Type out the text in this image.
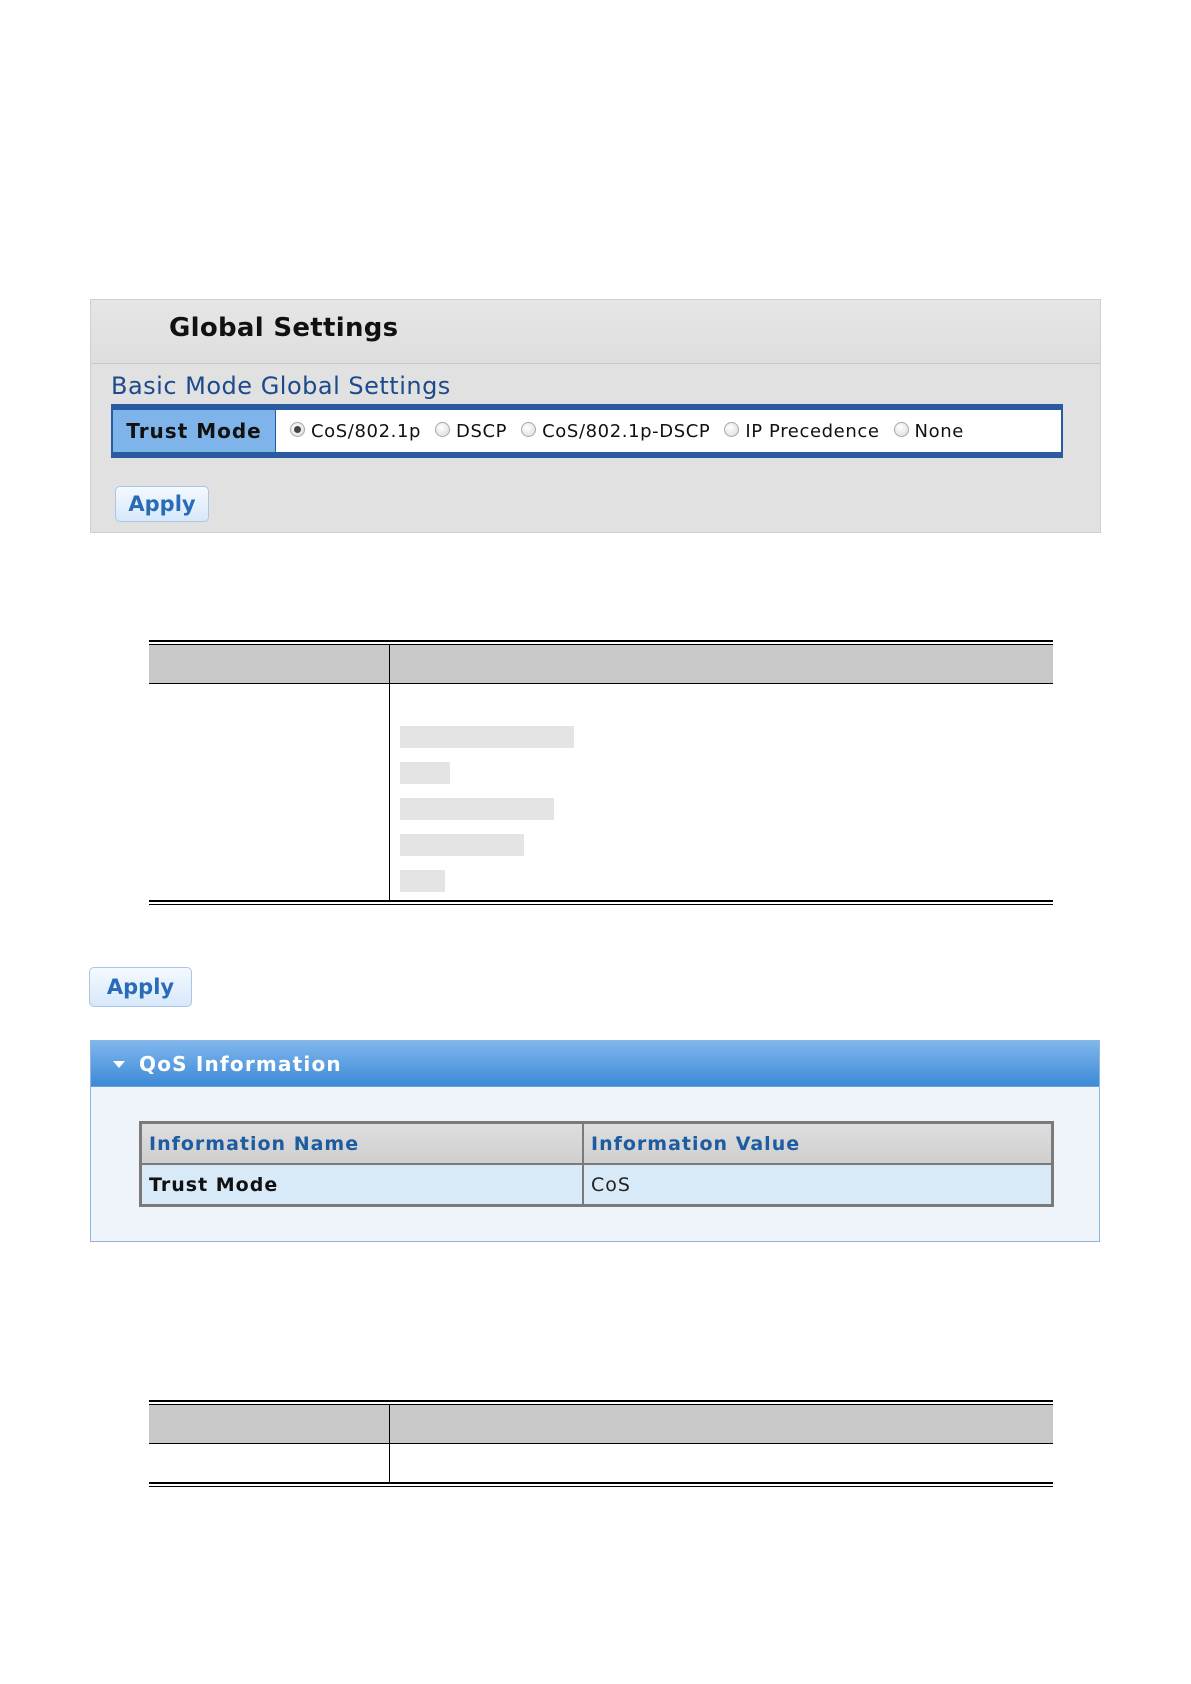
Global Settings
Basic Mode Global Settings
Trust Mode	CoS/802.1p DSCP CoS/802.1p-DSCP IP Precedence None
Apply
Apply
QoS Information
Information Name	Information Value
Trust Mode	CoS
